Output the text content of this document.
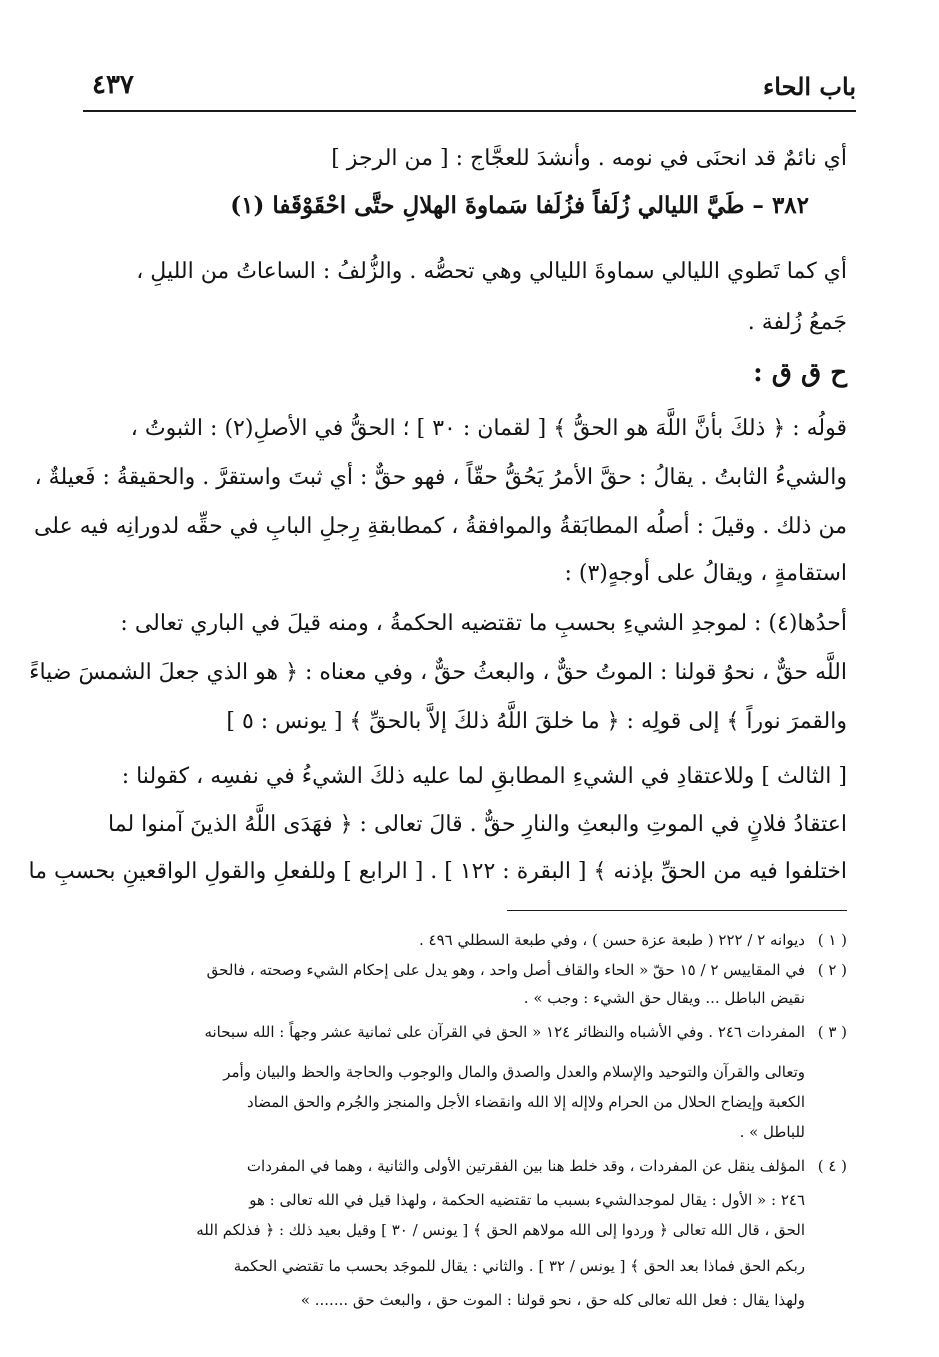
باب الحاء
٤٣٧
أي نائمٌ قد انحنَى في نومه . وأنشدَ للعجَّاج : [ من الرجز ]
٣٨٢ – طَيَّ الليالي زُلَفاً فزُلَفا سَماوةَ الهلالِ حتَّى احْقَوْقَفا (١)
أي كما تَطوي الليالي سماوةَ الليالي وهي تحصُّه . والزُّلفُ : الساعاتُ من الليلِ ،
جَمعُ زُلفة .
ح ق ق :
قولُه : ﴿ ذلكَ بأنَّ اللَّهَ هو الحقُّ ﴾ [ لقمان : ٣٠ ] ؛ الحقُّ في الأصلِ(٢) : الثبوتُ ،
والشيءُ الثابتُ . يقالُ : حقَّ الأمرُ يَحُقُّ حقّاً ، فهو حقٌّ : أي ثبتَ واستقرَّ . والحقيقةُ : فَعيلةٌ ،
من ذلك . وقيلَ : أصلُه المطابَقةُ والموافقةُ ، كمطابقةِ رِجلِ البابِ في حقِّه لدورانِه فيه على
استقامةٍ ، ويقالُ على أوجهٍ(٣) :
أحدُها(٤) : لموجدِ الشيءِ بحسبِ ما تقتضيه الحكمةُ ، ومنه قيلَ في الباري تعالى :
اللَّه حقٌّ ، نحوُ قولنا : الموتُ حقٌّ ، والبعثُ حقٌّ ، وفي معناه : ﴿ هو الذي جعلَ الشمسَ ضياءً
والقمرَ نوراً ﴾ إلى قولِه : ﴿ ما خلقَ اللَّهُ ذلكَ إلاَّ بالحقِّ ﴾ [ يونس : ٥ ]
[ الثالث ] وللاعتقادِ في الشيءِ المطابقِ لما عليه ذلكَ الشيءُ في نفسِه ، كقولنا :
اعتقادُ فلانٍ في الموتِ والبعثِ والنارِ حقٌّ . قالَ تعالى : ﴿ فهَدَى اللَّهُ الذينَ آمنوا لما
اختلفوا فيه من الحقِّ بإذنه ﴾ [ البقرة : ١٢٢ ] . [ الرابع ] وللفعلِ والقولِ الواقعينِ بحسبِ ما
( ١ )ديوانه ٢ / ٢٢٢ ( طبعة عزة حسن ) ، وفي طبعة السطلي ٤٩٦ .
( ٢ )في المقاييس ٢ / ١٥ حقّ « الحاء والقاف أصل واحد ، وهو يدل على إحكام الشيء وصحته ، فالحق
نقيض الباطل ... ويقال حق الشيء : وجب » .
( ٣ )المفردات ٢٤٦ . وفي الأشباه والنظائر ١٢٤ « الحق في القرآن على ثمانية عشر وجهاً : الله سبحانه
وتعالى والقرآن والتوحيد والإسلام والعدل والصدق والمال والوجوب والحاجة والحظ والبيان وأمر
الكعبة وإيضاح الحلال من الحرام ولاإله إلا الله وانقضاء الأجل والمنجز والجُرم والحق المضاد
للباطل » .
( ٤ )المؤلف ينقل عن المفردات ، وقد خلط هنا بين الفقرتين الأولى والثانية ، وهما في المفردات
٢٤٦ : « الأول : يقال لموجدالشيء بسبب ما تقتضيه الحكمة ، ولهذا قيل في الله تعالى : هو
الحق ، قال الله تعالى ﴿ وردوا إلى الله مولاهم الحق ﴾ [ يونس / ٣٠ ] وقيل بعيد ذلك : ﴿ فذلكم الله
ربكم الحق فماذا بعد الحق ﴾ [ يونس / ٣٢ ] . والثاني : يقال للموجَد بحسب ما تقتضي الحكمة
ولهذا يقال : فعل الله تعالى كله حق ، نحو قولنا : الموت حق ، والبعث حق ....... »
